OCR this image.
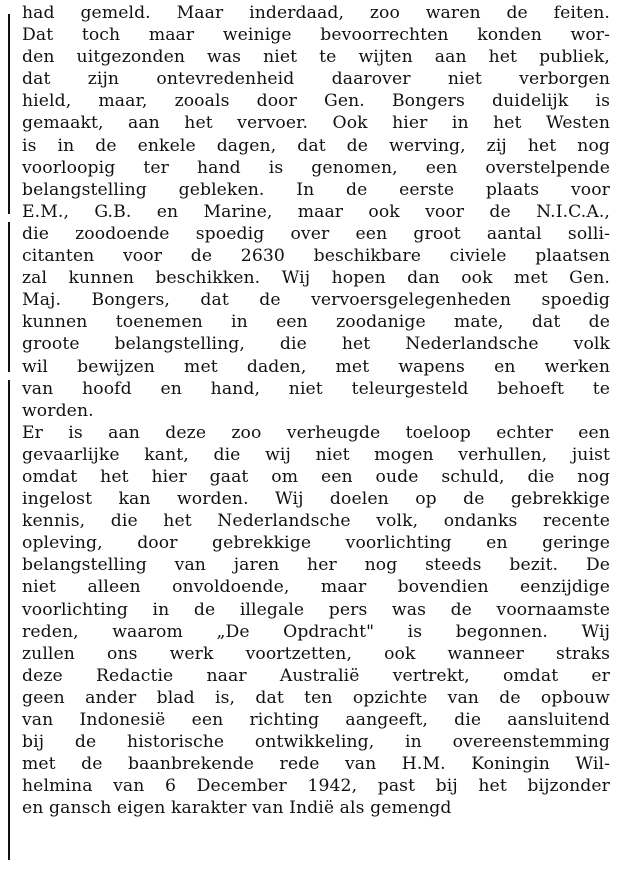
had gemeld. Maar inderdaad, zoo waren de feiten.
Dat toch maar weinige bevoorrechten konden wor-
den uitgezonden was niet te wijten aan het publiek,
dat zijn ontevredenheid daarover niet verborgen
hield, maar, zooals door Gen. Bongers duidelijk is
gemaakt, aan het vervoer. Ook hier in het Westen
is in de enkele dagen, dat de werving, zij het nog
voorloopig ter hand is genomen, een overstelpende
belangstelling gebleken. In de eerste plaats voor
E.M., G.B. en Marine, maar ook voor de N.I.C.A.,
die zoodoende spoedig over een groot aantal solli-
citanten voor de 2630 beschikbare civiele plaatsen
zal kunnen beschikken. Wij hopen dan ook met Gen.
Maj. Bongers, dat de vervoersgelegenheden spoedig
kunnen toenemen in een zoodanige mate, dat de
groote belangstelling, die het Nederlandsche volk
wil bewijzen met daden, met wapens en werken
van hoofd en hand, niet teleurgesteld behoeft te
worden.
Er is aan deze zoo verheugde toeloop echter een
gevaarlijke kant, die wij niet mogen verhullen, juist
omdat het hier gaat om een oude schuld, die nog
ingelost kan worden. Wij doelen op de gebrekkige
kennis, die het Nederlandsche volk, ondanks recente
opleving, door gebrekkige voorlichting en geringe
belangstelling van jaren her nog steeds bezit. De
niet alleen onvoldoende, maar bovendien eenzijdige
voorlichting in de illegale pers was de voornaamste
reden, waarom „De Opdracht" is begonnen. Wij
zullen ons werk voortzetten, ook wanneer straks
deze Redactie naar Australië vertrekt, omdat er
geen ander blad is, dat ten opzichte van de opbouw
van Indonesië een richting aangeeft, die aansluitend
bij de historische ontwikkeling, in overeenstemming
met de baanbrekende rede van H.M. Koningin Wil-
helmina van 6 December 1942, past bij het bijzonder
en gansch eigen karakter van Indië als gemengd
